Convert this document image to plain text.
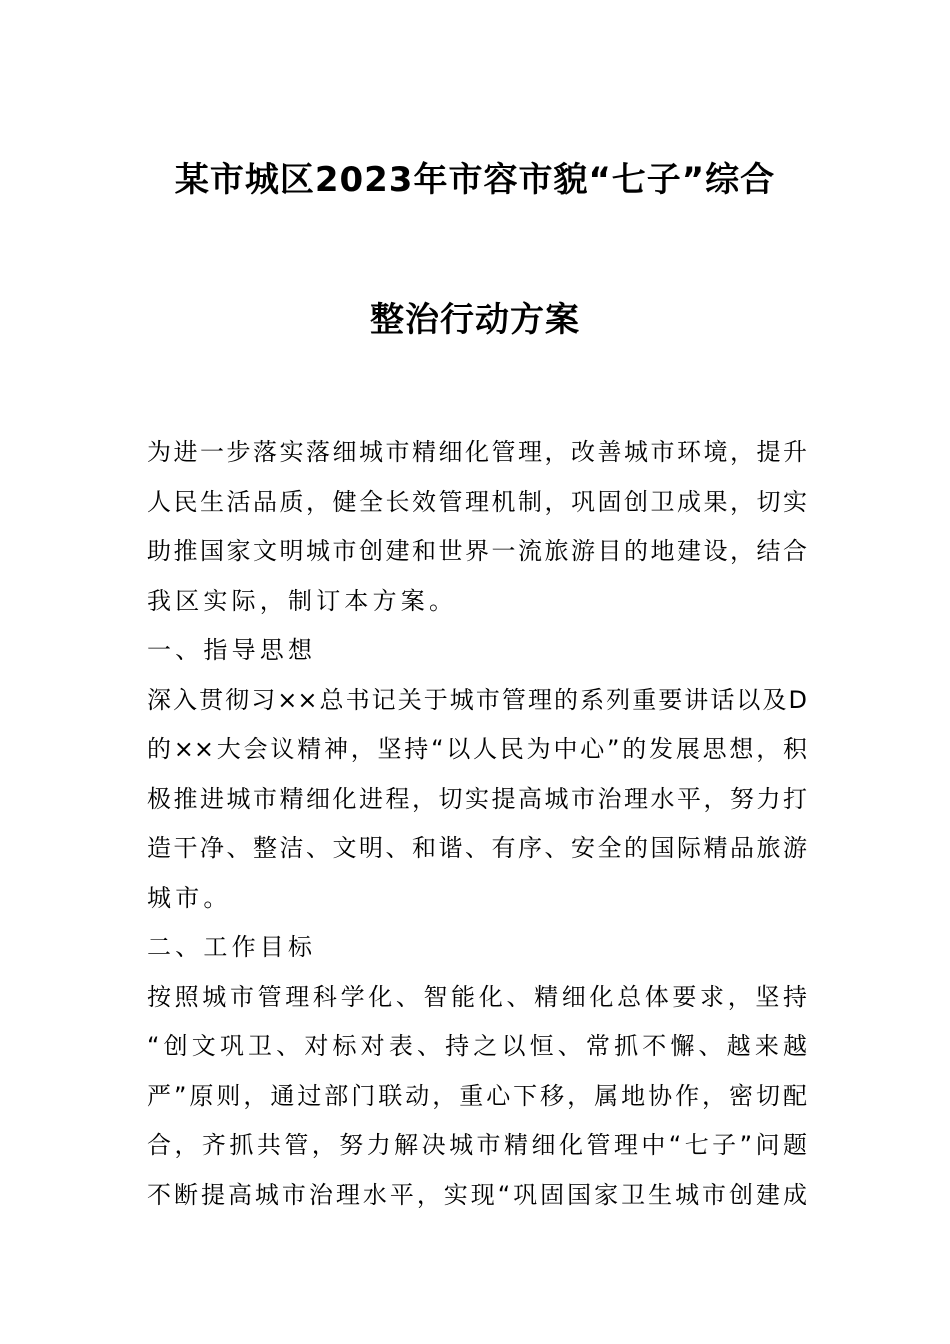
某市城区2023年市容市貌“七子”综合
整治行动方案
为进一步落实落细城市精细化管理，改善城市环境，提升
人民生活品质，健全长效管理机制，巩固创卫成果，切实
助推国家文明城市创建和世界一流旅游目的地建设，结合
我区实际，制订本方案。
一、指导思想
深入贯彻习××总书记关于城市管理的系列重要讲话以及D
的××大会议精神，坚持“以人民为中心”的发展思想，积
极推进城市精细化进程，切实提高城市治理水平，努力打
造干净、整洁、文明、和谐、有序、安全的国际精品旅游
城市。
二、工作目标
按照城市管理科学化、智能化、精细化总体要求，坚持
“创文巩卫、对标对表、持之以恒、常抓不懈、越来越
严”原则，通过部门联动，重心下移，属地协作，密切配
合，齐抓共管，努力解决城市精细化管理中“七子”问题
不断提高城市治理水平，实现“巩固国家卫生城市创建成
